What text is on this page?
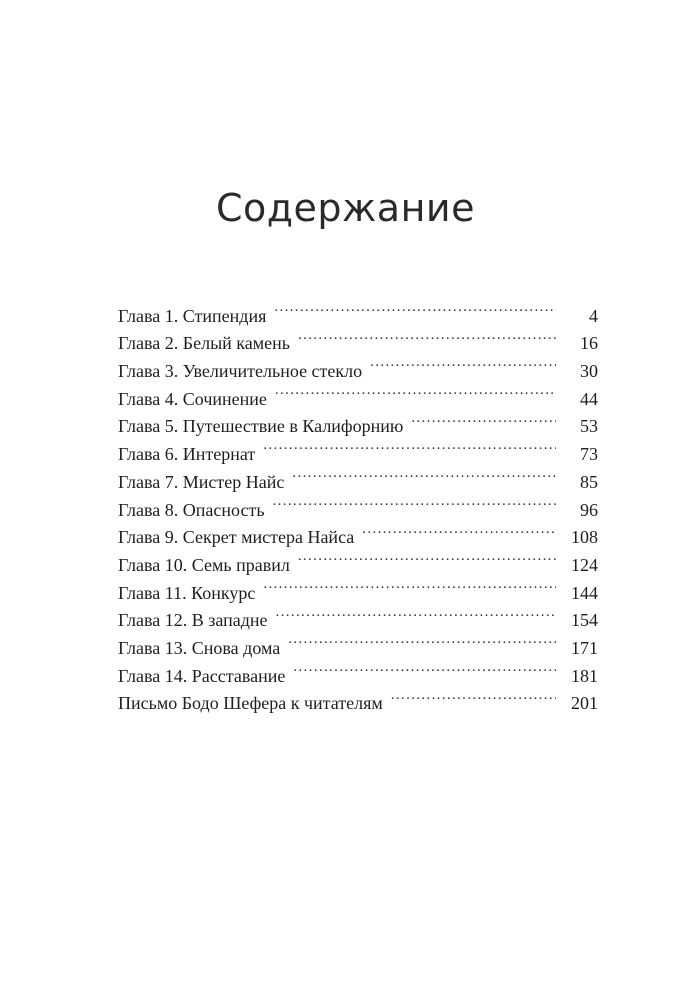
Содержание
Глава 1. Стипендия . . .	4
Глава 2. Белый камень . . .	16
Глава 3. Увеличительное стекло . . .	30
Глава 4. Сочинение . . .	44
Глава 5. Путешествие в Калифорнию . . .	53
Глава 6. Интернат . . .	73
Глава 7. Мистер Найс . . .	85
Глава 8. Опасность . . .	96
Глава 9. Секрет мистера Найса . . .	108
Глава 10. Семь правил . . .	124
Глава 11. Конкурс . . .	144
Глава 12. В западне . . .	154
Глава 13. Снова дома . . .	171
Глава 14. Расставание . . .	181
Письмо Бодо Шефера к читателям . . .	201
